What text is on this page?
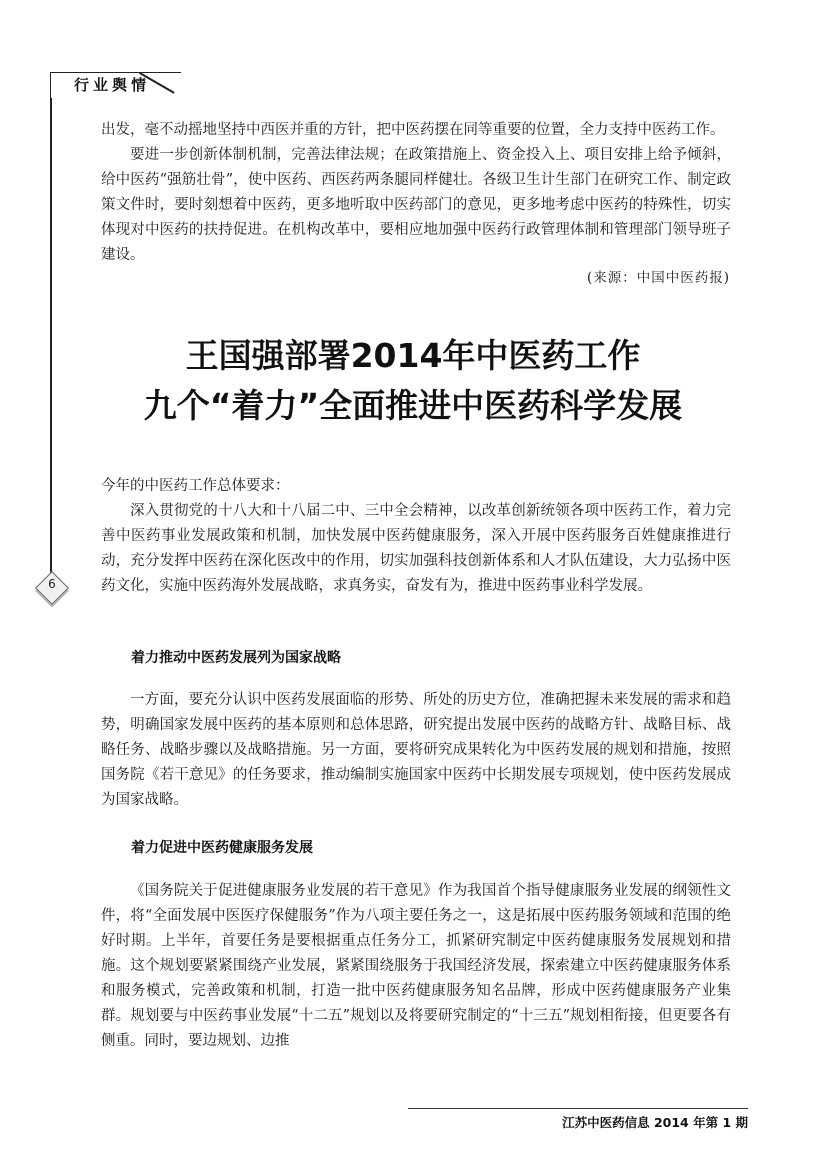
行业舆情
6

出发，毫不动摇地坚持中西医并重的方针，把中医药摆在同等重要的位置，全力支持中医药工作。

要进一步创新体制机制，完善法律法规；在政策措施上、资金投入上、项目安排上给予倾斜，给中医药“强筋壮骨”，使中医药、西医药两条腿同样健壮。各级卫生计生部门在研究工作、制定政策文件时，要时刻想着中医药，更多地听取中医药部门的意见，更多地考虑中医药的特殊性，切实体现对中医药的扶持促进。在机构改革中，要相应地加强中医药行政管理体制和管理部门领导班子建设。

(来源：中国中医药报)
王国强部署2014年中医药工作
九个“着力”全面推进中医药科学发展

今年的中医药工作总体要求：

深入贯彻党的十八大和十八届二中、三中全会精神，以改革创新统领各项中医药工作，着力完善中医药事业发展政策和机制，加快发展中医药健康服务，深入开展中医药服务百姓健康推进行动，充分发挥中医药在深化医改中的作用，切实加强科技创新体系和人才队伍建设，大力弘扬中医药文化，实施中医药海外发展战略，求真务实，奋发有为，推进中医药事业科学发展。

着力推动中医药发展列为国家战略

一方面，要充分认识中医药发展面临的形势、所处的历史方位，准确把握未来发展的需求和趋势，明确国家发展中医药的基本原则和总体思路，研究提出发展中医药的战略方针、战略目标、战略任务、战略步骤以及战略措施。另一方面，要将研究成果转化为中医药发展的规划和措施，按照国务院《若干意见》的任务要求，推动编制实施国家中医药中长期发展专项规划，使中医药发展成为国家战略。

着力促进中医药健康服务发展

《国务院关于促进健康服务业发展的若干意见》作为我国首个指导健康服务业发展的纲领性文件，将“全面发展中医医疗保健服务”作为八项主要任务之一，这是拓展中医药服务领域和范围的绝好时期。上半年，首要任务是要根据重点任务分工，抓紧研究制定中医药健康服务发展规划和措施。这个规划要紧紧围绕产业发展，紧紧围绕服务于我国经济发展，探索建立中医药健康服务体系和服务模式，完善政策和机制，打造一批中医药健康服务知名品牌，形成中医药健康服务产业集群。规划要与中医药事业发展“十二五”规划以及将要研究制定的“十三五”规划相衔接，但更要各有侧重。同时，要边规划、边推

江苏中医药信息 2014 年第 1 期
